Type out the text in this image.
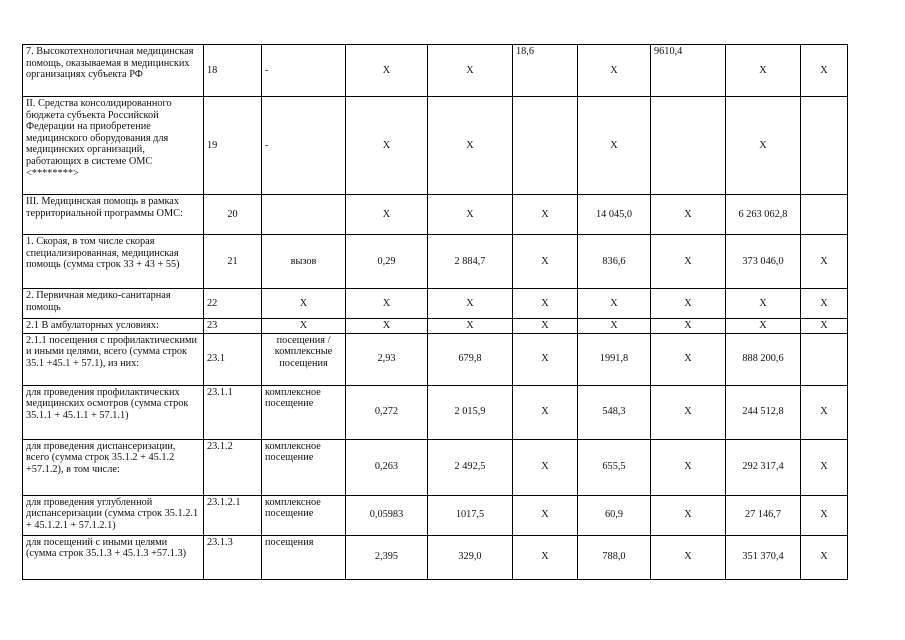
7. Высокотехнологичная медицинская помощь, оказываемая в медицинских организациях субъекта РФ	18	-	Х	Х	18,6	Х	9610,4	Х	Х
II. Средства консолидированного бюджета субъекта Российской Федерации на приобретение медицинского оборудования для медицинских организаций, работающих в системе ОМС <********>	19	-	Х	Х		Х		Х	
III. Медицинская помощь в рамках территориальной программы ОМС:	20		Х	Х	Х	14 045,0	Х	6 263 062,8	
1. Скорая, в том числе скорая специализированная, медицинская помощь (сумма строк 33 + 43 + 55)	21	вызов	0,29	2 884,7	Х	836,6	Х	373 046,0	Х
2. Первичная медико-санитарная помощь	22	Х	Х	Х	Х	Х	Х	Х	Х
2.1 В амбулаторных условиях:	23	Х	Х	Х	Х	Х	Х	Х	Х
2.1.1 посещения с профилактическими и иными целями, всего (сумма строк 35.1 +45.1 + 57.1), из них:	23.1	посещения / комплексные посещения	2,93	679,8	Х	1991,8	Х	888 200,6	
для проведения профилактических медицинских осмотров (сумма строк 35.1.1 + 45.1.1 + 57.1.1)	23.1.1	комплексное посещение	0,272	2 015,9	Х	548,3	Х	244 512,8	Х
для проведения диспансеризации, всего (сумма строк 35.1.2 + 45.1.2 +57.1.2), в том числе:	23.1.2	комплексное посещение	0,263	2 492,5	Х	655,5	Х	292 317,4	Х
для проведения углубленной диспансеризации (сумма строк 35.1.2.1 + 45.1.2.1 + 57.1.2.1)	23.1.2.1	комплексное посещение	0,05983	1017,5	Х	60,9	Х	27 146,7	Х
для посещений с иными целями (сумма строк 35.1.3 + 45.1.3 +57.1.3)	23.1.3	посещения	2,395	329,0	Х	788,0	Х	351 370,4	Х
